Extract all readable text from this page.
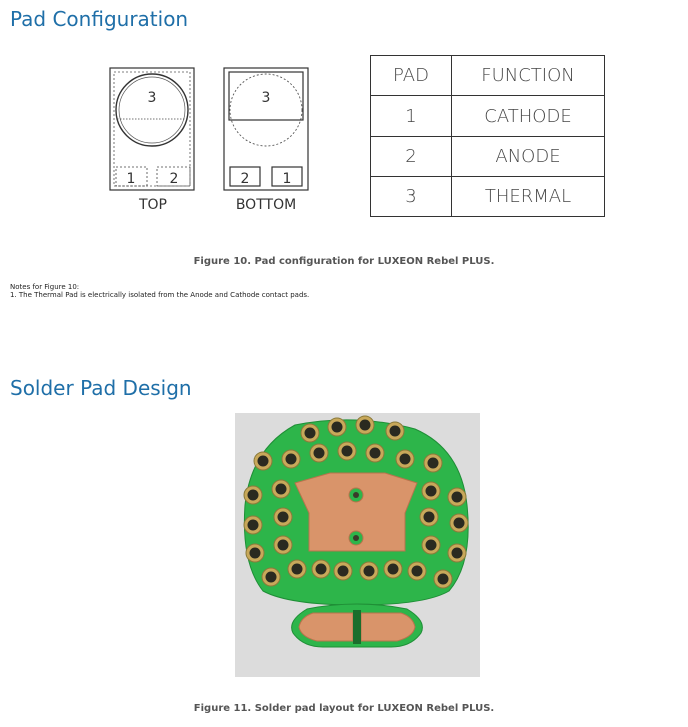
Pad Configuration
3
1 2
3
2 1
TOP	BOTTOM
PAD	FUNCTION
1	CATHODE
2	ANODE
3	THERMAL
Figure 10. Pad configuration for LUXEON Rebel PLUS.
Notes for Figure 10:
1. The Thermal Pad is electrically isolated from the Anode and Cathode contact pads.
Solder Pad Design
Figure 11. Solder pad layout for LUXEON Rebel PLUS.
